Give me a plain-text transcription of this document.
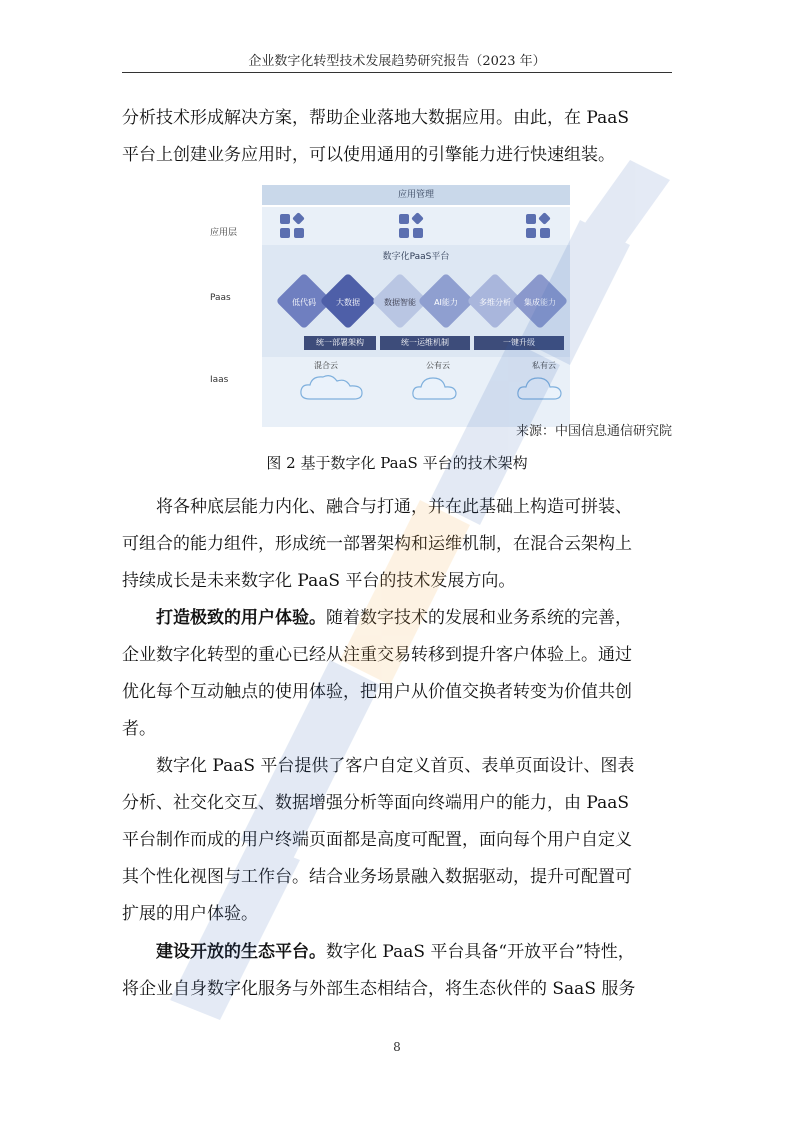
企业数字化转型技术发展趋势研究报告（2023 年）
分析技术形成解决方案，帮助企业落地大数据应用。由此，在 PaaS
平台上创建业务应用时，可以使用通用的引擎能力进行快速组装。
应用管理
应用层
数字化PaaS平台
Paas	低代码	大数据	数据智能	AI能力	多维分析	集成能力
统一部署架构	统一运维机制	一键升级
Iaas
混合云	公有云	私有云
来源：中国信息通信研究院
图 2 基于数字化 PaaS 平台的技术架构
将各种底层能力内化、融合与打通，并在此基础上构造可拼装、
可组合的能力组件，形成统一部署架构和运维机制，在混合云架构上
持续成长是未来数字化 PaaS 平台的技术发展方向。
打造极致的用户体验。随着数字技术的发展和业务系统的完善，
企业数字化转型的重心已经从注重交易转移到提升客户体验上。通过
优化每个互动触点的使用体验，把用户从价值交换者转变为价值共创
者。
数字化 PaaS 平台提供了客户自定义首页、表单页面设计、图表
分析、社交化交互、数据增强分析等面向终端用户的能力，由 PaaS
平台制作而成的用户终端页面都是高度可配置，面向每个用户自定义
其个性化视图与工作台。结合业务场景融入数据驱动，提升可配置可
扩展的用户体验。
建设开放的生态平台。数字化 PaaS 平台具备“开放平台”特性，
将企业自身数字化服务与外部生态相结合，将生态伙伴的 SaaS 服务
8
